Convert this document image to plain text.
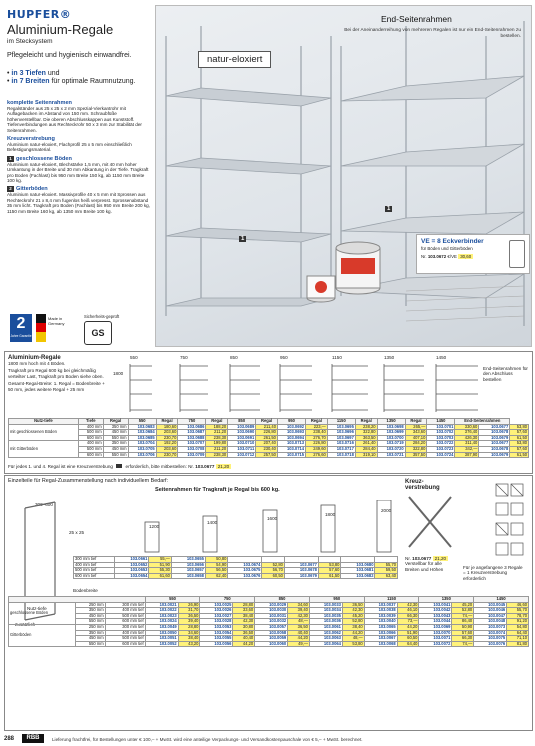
HUPFER®
Aluminium-Regale
im Stecksystem
Pflegeleicht und hygienisch einwandfrei.
• in 3 Tiefen und
• in 7 Breiten für optimale Raumnutzung.
komplette Seitenrahmen
Regalständer aus 25 x 25 x 2 mm Spezial-Vierkantrohr mit Auflagebacken im Abstand von 150 mm. Schraubfüße höhenverstellbar. Die oberen Abschlusskappen aus Kunststoff. Tiefenverbindungen aus Rechteckrohr 50 x 3 mm zur Stabilität der Seitenrahmen.
Kreuzverstrebung
Aluminium natur-eloxiert, Flachprofil 25 x 5 mm einschließlich Befestigungsmaterial.
1 geschlossene Böden
Aluminium natur-eloxiert, Blechstärke 1,5 mm, mit 40 mm hoher Umkantung in der Breite und 30 mm Abkantung in der Tiefe. Tragkraft pro Boden (Fachlast) bis 950 mm Breite 150 kg, ab 1150 mm Breite 100 kg.
2 Gitterböden
Aluminium natur-eloxiert. Massivprofile 40 x 5 mm mit Sprossen aus Rechteckrohr 21 x 8,4 mm fugenlos heiß verpresst. Sprossenabstand 35 mm licht. Tragkraft pro Boden (Fachlast) bis 950 mm Breite 200 kg, 1150 mm Breite 160 kg, ab 1350 mm Breite 100 kg.
2
Jahre Garantie
Made in Germany
Sicherheits-geprüft
GS
natur-eloxiert
End-Seitenrahmen
Bei der Aneinanderreihung von mehreren Regalen ist nur ein End-Seitenrahmen zu bestellen.
1
1	VE = 8 Eckverbinder
für Böden und Gitterböden
Nr. 103.0672 €/VE 30,60
Aluminium-Regale
1800 mm hoch mit 4 Böden.
Tragkraft pro Regal 600 kg bei gleichmäßig verteilter Last, Tragkraft pro Boden siehe oben.
Gesamt-Regal-Breite: 1. Regal = Bodenbreite + 50 mm, jedes weitere Regal + 25 mm
1800
550	750	850	950	1150	1350	1450
End-Seitenrahmen für den Abschluss bestellen
Nutz-tiefe	Tiefe	Regal	550	Regal	750	Regal	850	Regal	950	Regal	1150	Regal	1350	Regal	1450	End-Seitenrahmen		
mit geschlossenen Böden	400 mm	350 mm	103.0683	180,60	103.0686	188,20	103.0689	211,40	103.0692	223,—	103.0695	238,20	103.0698	265,—	103.0701	330,60	103.0677	53,80
	500 mm	450 mm	103.0684	203,60	103.0687	211,20	103.0690	226,80	103.0693	238,40	103.0696	322,80	103.0699	343,60	103.0702	376,40	103.0678	57,60
	600 mm	550 mm	103.0685	230,70	103.0688	238,30	103.0691	261,50	103.0694	276,70	103.0697	363,50	103.0700	407,10	103.0703	426,30	103.0679	61,50
mit Gitterböden	400 mm	350 mm	103.0704	192,20	103.0707	199,80	103.0710	207,40	103.0713	226,80	103.0716	261,40	103.0719	284,20	103.0722	311,40	103.0677	53,80
	500 mm	450 mm	103.0705	203,60	103.0708	211,20	103.0711	230,40	103.0714	249,60	103.0717	284,40	103.0720	322,80	103.0723	342,—	103.0678	57,60
	600 mm	550 mm	103.0706	230,70	103.0709	238,30	103.0712	257,50	103.0715	276,60	103.0718	319,10	103.0721	357,50	103.0724	387,90	103.0679	61,50
Für jedes 1. und 4. Regal ist eine Kreuzverstrebung	erforderlich, bitte mitbestellen: Nr. 103.0677 21,20
Einzelteile für Regal-Zusammenstellung nach individuellem Bedarf:
Seitenrahmen für Tragkraft je Regal bis 600 kg.
300–600
25 x 25
1200
1400
1600
1800
2000
300 mm tief	103.0661	55,—	103.0655	50,80						
400 mm tief	103.0652	51,90	103.0656	54,90	103.0674	52,80	103.0677	53,80	103.0680	55,70
500 mm tief	103.0653	55,30	103.0657	56,50	103.0675	56,70	103.0678	57,60	103.0681	59,50
600 mm tief	103.0654	61,60	103.0658	62,40	103.0676	60,50	103.0679	61,50	103.0682	63,40
Kreuz-verstrebung
Nr. 103.0677 21,20
Verstellbar für alle Breiten und Höhen	Für je angefangene 3 Regale = 1 Kreuzverstrebung erforderlich
Bodenbreite
Nutz-tiefe
zusätzlich
			550		750		850		950		1150		1350		1450	
geschlossene Böden	250 mm	300 mm tief	103.0021	26,90	103.0025	28,80	103.0029	34,60	103.0033	36,50	103.0037	42,30	103.0041	45,20	103.0045	46,60
	350 mm	400 mm tief	103.0022	31,70	103.0026	33,60	103.0030	39,40	103.0034	42,30	103.0038	46,10	103.0042	52,80	103.0046	55,70
	450 mm	500 mm tief	103.0023	36,50	103.0027	38,40	103.0031	42,30	103.0035	45,20	103.0039	66,30	103.0043	74,—	103.0047	78,70
	550 mm	600 mm tief	103.0024	39,40	103.0028	42,30	103.0032	48,—	103.0036	52,80	103.0040	73,—	103.0044	86,40	103.0048	91,20
Gitterböden	250 mm	300 mm tief	103.0049	28,80	103.0053	30,80	103.0057	36,50	103.0061	38,40	103.0065	44,20	103.0069	50,90	103.0073	54,80
	350 mm	400 mm tief	103.0050	34,60	103.0054	36,50	103.0058	40,40	103.0062	44,20	103.0066	51,90	103.0070	57,60	103.0074	64,40
	450 mm	500 mm tief	103.0051	38,40	103.0055	40,40	103.0059	44,20	103.0063	48,—	103.0067	60,50	103.0071	66,30	103.0075	71,10
	550 mm	600 mm tief	103.0052	43,20	103.0056	44,20	103.0060	49,—	103.0064	53,80	103.0068	64,40	103.0072	74,—	103.0076	81,80
288	RBB	Lieferung frachtfrei, für Bestellungen unter € 100,– + MwSt. wird eine anteilige Verpackungs- und Versandkostenpauschale von € 5,– + MwSt. berechnet.
